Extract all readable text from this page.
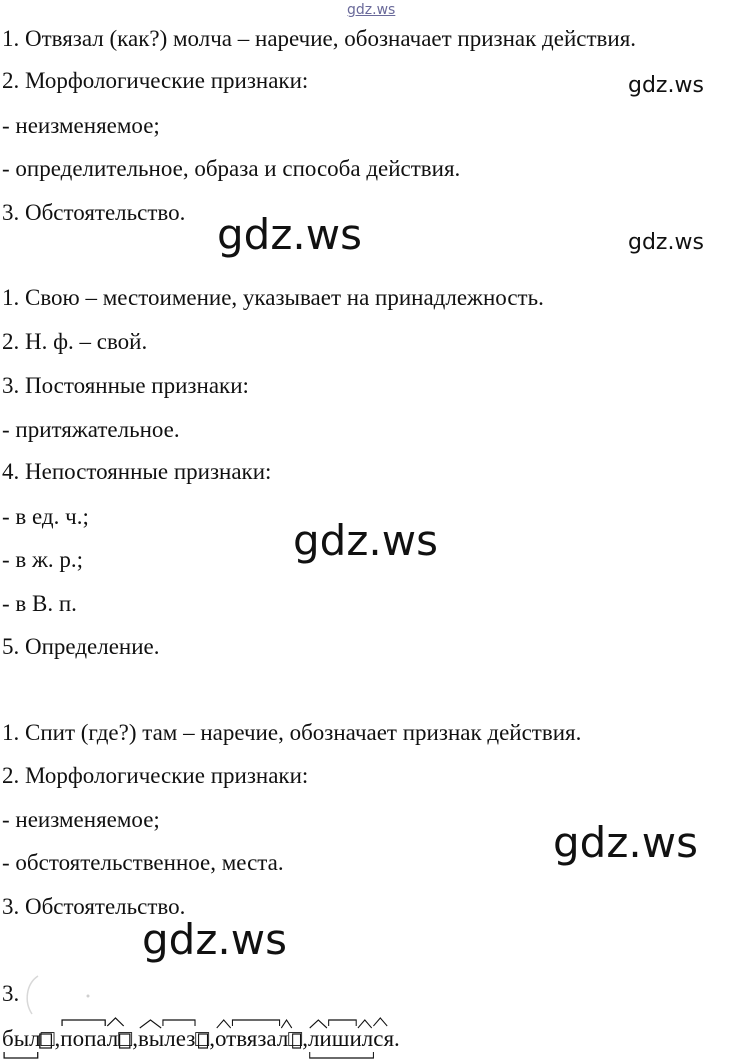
gdz.ws
1. Отвязал (как?) молча – наречие, обозначает признак действия.
2. Морфологические признаки:
- неизменяемое;
- определительное, образа и способа действия.
3. Обстоятельство.
1. Свою – местоимение, указывает на принадлежность.
2. Н. ф. – свой.
3. Постоянные признаки:
- притяжательное.
4. Непостоянные признаки:
- в ед. ч.;
- в ж. р.;
- в В. п.
5. Определение.
1. Спит (где?) там – наречие, обозначает признак действия.
2. Морфологические признаки:
- неизменяемое;
- обстоятельственное, места.
3. Обстоятельство.
3.
gdz.ws
gdz.ws	gdz.ws
gdz.ws
gdz.ws
gdz.ws
был□
,попал□
,вылез□
,отвязал□
,лишился
.
